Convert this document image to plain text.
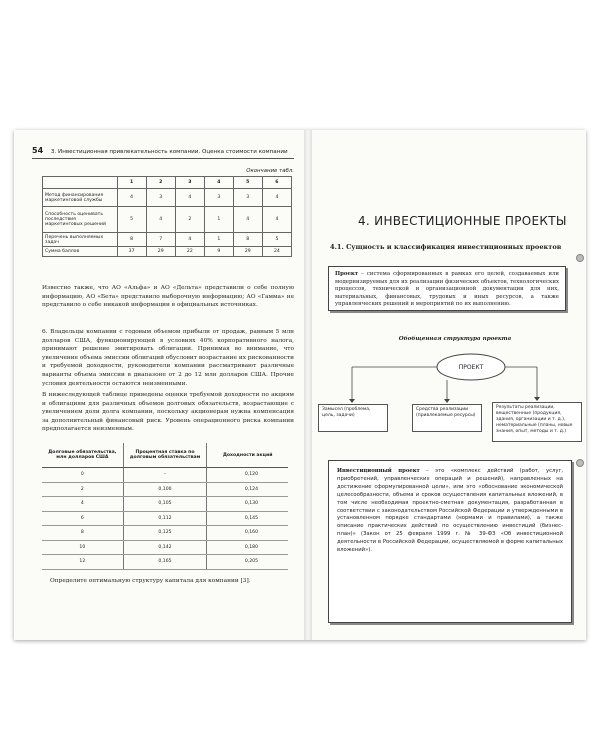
54 3. Инвестиционная привлекательность компании. Оценка стоимости компании
Окончание табл.
	1	2	3	4	5	6
Метод финансирования маркетинговой службы	4	3	4	3	3	4
Способность оценивать последствия маркетинговых решений	5	4	2	1	4	4
Перечень выполняемых задач	8	7	4	1	8	5
Сумма баллов	37	29	22	9	29	24
Известно также, что АО «Альфа» и АО «Дельта» представили о себе полную информацию, АО «Бета» представило выборочную информацию; АО «Гамма» не представило о себе никакой информации в официальных источниках.
6. Владельцы компании с годовым объемом прибыли от продаж, равным 5 млн долларов США, функционирующей в условиях 40% корпоративного налога, принимают решение эмитировать облигации. Принимая во внимание, что увеличение объема эмиссии облигаций обусловит возрастание их рискованности и требуемой доходности, руководители компании рассматривают различные варианты объема эмиссии в диапазоне от 2 до 12 млн долларов США. Прочие условия деятельности остаются неизменными.
В нижеследующей таблице приведены оценки требуемой доходности по акциям и облигациям для различных объемов долговых обязательств, возрастающие с увеличением доли долга компании, поскольку акционерам нужна компенсация за дополнительный финансовый риск. Уровень операционного риска компании предполагается неизменным.
Долговые обязательства, млн долларов США	Процентная ставка по долговым обязательствам	Доходности акций
0	–	0,120
2	0,100	0,124
4	0,105	0,130
6	0,112	0,145
8	0,125	0,160
10	0,142	0,180
12	0,165	0,205
Определите оптимальную структуру капитала для компании [3].
4. ИНВЕСТИЦИОННЫЕ ПРОЕКТЫ
4.1. Сущность и классификация инвестиционных проектов
Проект – система сформированных в рамках его целей, создаваемых или модернизируемых для их реализации физических объектов, технологических процессов, технической и организационной документации для них, материальных, финансовых, трудовых и иных ресурсов, а также управленческих решений и мероприятий по их выполнению.
Обобщенная структура проекта
ПРОЕКТ
Замысел (проблема, цель, задачи)
Средства реализации (привлекаемые ресурсы)
Результаты реализации, вещественные (продукция, здания, организации и т. д.), нематериальные (планы, новые знания, опыт, методы и т. д.)
Инвестиционный проект – это «комплекс действий (работ, услуг, приобретений, управленческих операций и решений), направленных на достижение сформулированной цели», или это «обоснование экономической целесообразности, объема и сроков осуществления капитальных вложений, в том числе необходимая проектно-сметная документация, разработанная в соответствии с законодательством Российской Федерации и утвержденными в установленном порядке стандартами (нормами и правилами), а также описание практических действий по осуществлению инвестиций (бизнес-план)» (Закон от 25 февраля 1999 г. № 39-ФЗ «Об инвестиционной деятельности в Российской Федерации, осуществляемой в форме капитальных вложений»).
